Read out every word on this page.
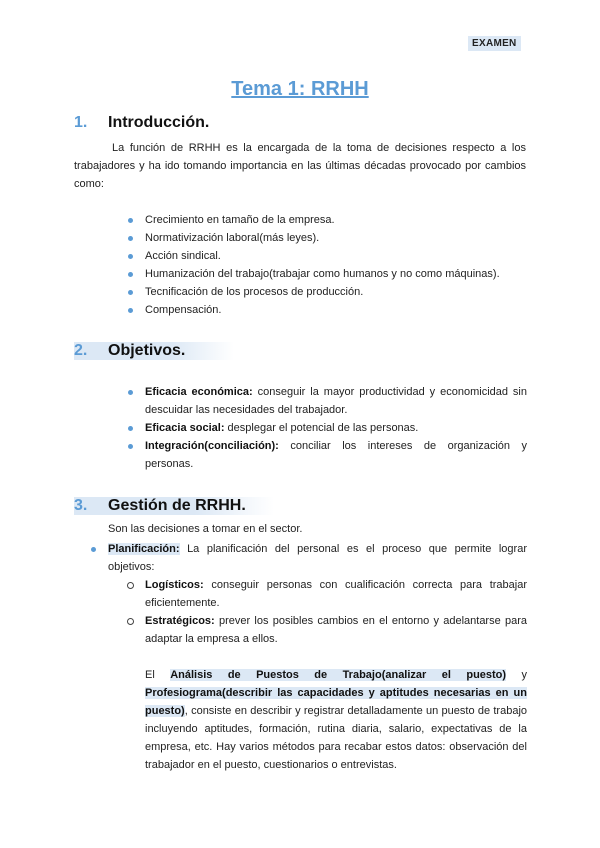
EXAMEN
Tema 1: RRHH
1. Introducción.
La función de RRHH es la encargada de la toma de decisiones respecto a los trabajadores y ha ido tomando importancia en las últimas décadas provocado por cambios como:
Crecimiento en tamaño de la empresa.
Normativización laboral(más leyes).
Acción sindical.
Humanización del trabajo(trabajar como humanos y no como máquinas).
Tecnificación de los procesos de producción.
Compensación.
2. Objetivos.
Eficacia económica: conseguir la mayor productividad y economicidad sin descuidar las necesidades del trabajador.
Eficacia social: desplegar el potencial de las personas.
Integración(conciliación): conciliar los intereses de organización y personas.
3. Gestión de RRHH.
Son las decisiones a tomar en el sector.
Planificación: La planificación del personal es el proceso que permite lograr objetivos:
Logísticos: conseguir personas con cualificación correcta para trabajar eficientemente.
Estratégicos: prever los posibles cambios en el entorno y adelantarse para adaptar la empresa a ellos.
El Análisis de Puestos de Trabajo(analizar el puesto) y Profesiograma(describir las capacidades y aptitudes necesarias en un puesto), consiste en describir y registrar detalladamente un puesto de trabajo incluyendo aptitudes, formación, rutina diaria, salario, expectativas de la empresa, etc. Hay varios métodos para recabar estos datos: observación del trabajador en el puesto, cuestionarios o entrevistas.
